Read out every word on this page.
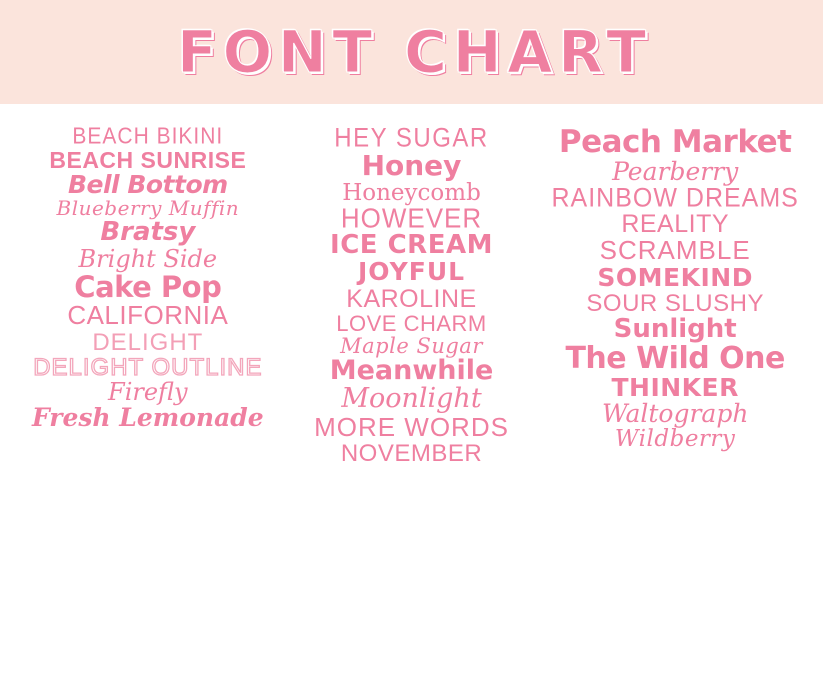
FONT CHART
BEACH BIKINI
BEACH SUNRISE
Bell Bottom
Blueberry Muffin
Bratsy
Bright Side
Cake Pop
CALIFORNIA
DELIGHT
DELIGHT OUTLINE
Firefly
Fresh Lemonade
HEY SUGAR
Honey
Honeycomb
HOWEVER
ICE CREAM
JOYFUL
KAROLINE
LOVE CHARM
Maple Sugar
Meanwhile
Moonlight
MORE WORDS
NOVEMBER
Peach Market
Pearberry
RAINBOW DREAMS
REALITY
SCRAMBLE
SOMEKIND
SOUR SLUSHY
Sunlight
The Wild One
THINKER
Waltograph
Wildberry
